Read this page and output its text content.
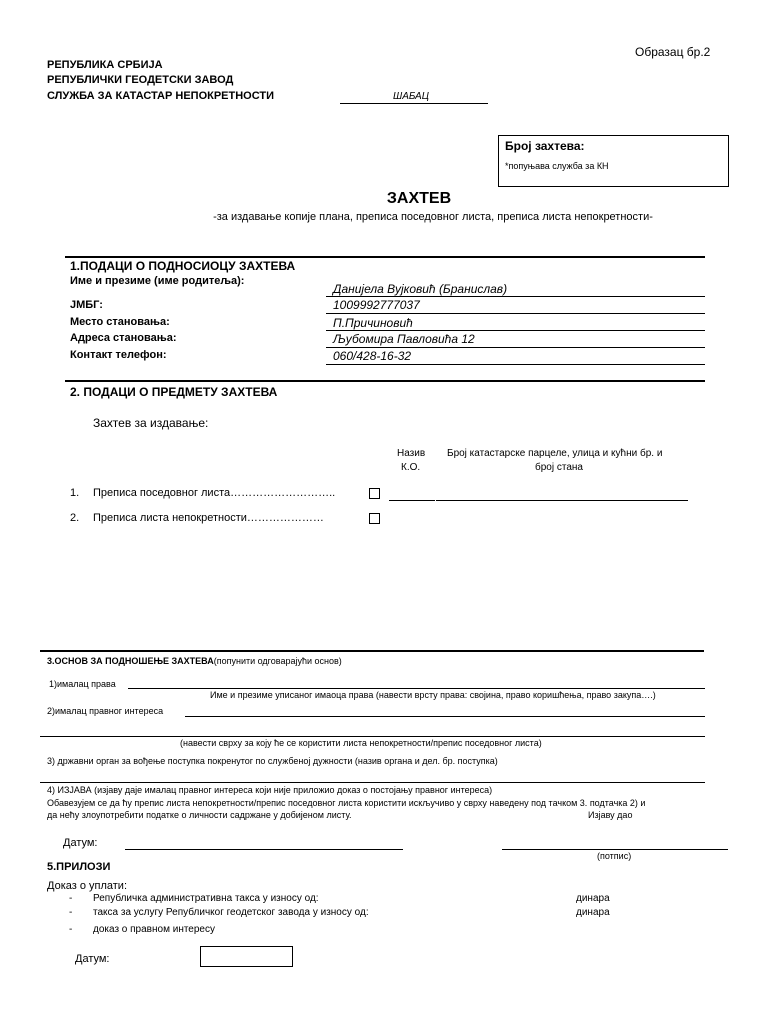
Образац бр.2
РЕПУБЛИКА СРБИЈА
РЕПУБЛИЧКИ ГЕОДЕТСКИ ЗАВОД
СЛУЖБА ЗА КАТАСТАР НЕПОКРЕТНОСТИ	ШАБАЦ
Број захтева:
*попуњава служба за КН
ЗАХТЕВ
-за издавање копије плана, преписа поседовног листа, преписа листа непокретности-
1.ПОДАЦИ О ПОДНОСИОЦУ ЗАХТЕВА
Име и презиме (име родитеља):
Данијела Вујковић (Бранислав)
ЈМБГ:	1009992777037
Место становања:	П.Причиновић
Адреса становања:	Љубомира Павловића 12
Контакт телефон:	060/428-16-32
2. ПОДАЦИ О ПРЕДМЕТУ ЗАХТЕВА
Захтев за издавање:
Назив
К.О.
Број катастарске парцеле, улица и кућни бр. и
број стана
1. Преписа поседовног листа………………………..
2. Преписа листа непокретности…………………
3.ОСНОВ ЗА ПОДНОШЕЊЕ ЗАХТЕВА(попунити одговарајући основ)
1)ималац права
Име и презиме уписаног имаоца права (навести врсту права: својина, право коришћења, право закупа….)
2)ималац правног интереса
(навести сврху за коју ће се користити листа непокретности/препис поседовног листа)
3) државни орган за вођење поступка покренутог по службеној дужности (назив органа и дел. бр. поступка)
4) ИЗЈАВА (изјаву даје ималац правног интереса који није приложио доказ о постојању правног интереса)
Обавезујем се да ћу препис листа непокретности/препис поседовног листа користити искључиво у сврху наведену под тачком 3. подтачка 2) и
да нећу злоупотребити податке о личности садржане у добијеном листу.	Изјаву дао
Датум:
(потпис)
5.ПРИЛОЗИ
Доказ о уплати:
- Републичка административна такса у износу од:	динара
- такса за услугу Републичког геодетског завода у износу од:	динара
- доказ о правном интересу
Датум:
